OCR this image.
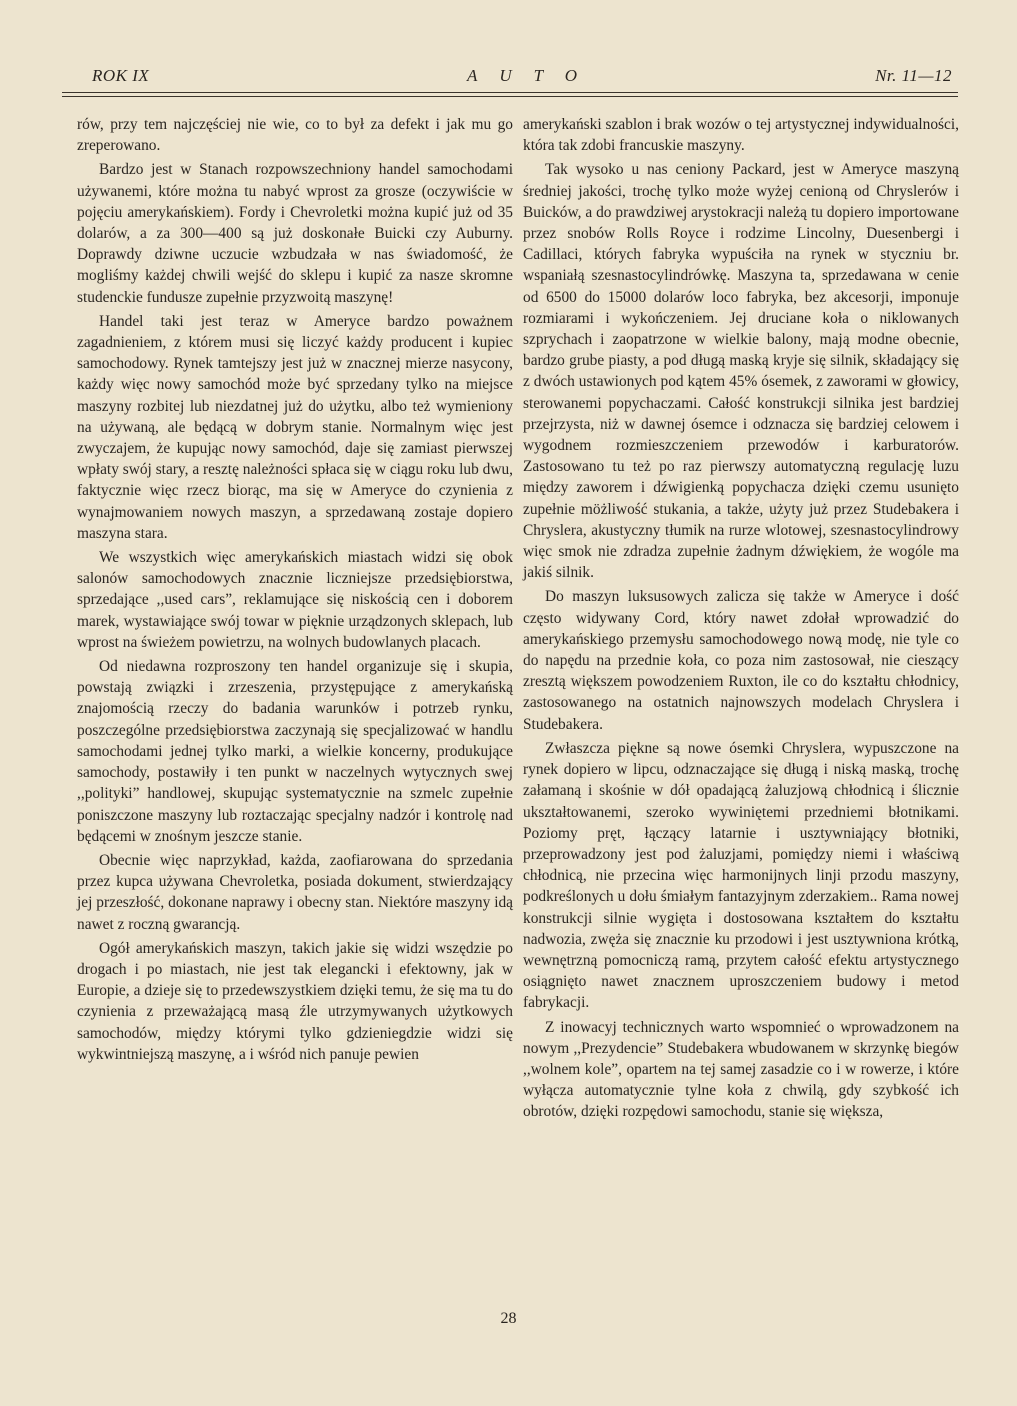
ROK IX	AUTO	Nr. 11—12

rów, przy tem najczęściej nie wie, co to był za defekt i jak mu go zreperowano.

Bardzo jest w Stanach rozpowszechniony handel samochodami używanemi, które można tu nabyć wprost za grosze (oczywiście w pojęciu amerykańskiem). Fordy i Chevroletki można kupić już od 35 dolarów, a za 300—400 są już doskonałe Buicki czy Auburny. Doprawdy dziwne uczucie wzbudzała w nas świadomość, że mogliśmy każdej chwili wejść do sklepu i kupić za nasze skromne studenckie fundusze zupełnie przyzwoitą maszynę!

Handel taki jest teraz w Ameryce bardzo poważnem zagadnieniem, z którem musi się liczyć każdy producent i kupiec samochodowy. Rynek tamtejszy jest już w znacznej mierze nasycony, każdy więc nowy samochód może być sprzedany tylko na miejsce maszyny rozbitej lub niezdatnej już do użytku, albo też wymieniony na używaną, ale będącą w dobrym stanie. Normalnym więc jest zwyczajem, że kupując nowy samochód, daje się zamiast pierwszej wpłaty swój stary, a resztę należności spłaca się w ciągu roku lub dwu, faktycznie więc rzecz biorąc, ma się w Ameryce do czynienia z wynajmowaniem nowych maszyn, a sprzedawaną zostaje dopiero maszyna stara.

We wszystkich więc amerykańskich miastach widzi się obok salonów samochodowych znacznie liczniejsze przedsiębiorstwa, sprzedające ,,used cars”, reklamujące się niskością cen i doborem marek, wystawiające swój towar w pięknie urządzonych sklepach, lub wprost na świeżem powietrzu, na wolnych budowlanych placach.

Od niedawna rozproszony ten handel organizuje się i skupia, powstają związki i zrzeszenia, przystępujące z amerykańską znajomością rzeczy do badania warunków i potrzeb rynku, poszczególne przedsiębiorstwa zaczynają się specjalizować w handlu samochodami jednej tylko marki, a wielkie koncerny, produkujące samochody, postawiły i ten punkt w naczelnych wytycznych swej ,,polityki” handlowej, skupując systematycznie na szmelc zupełnie poniszczone maszyny lub roztaczając specjalny nadzór i kontrolę nad będącemi w znośnym jeszcze stanie.

Obecnie więc naprzykład, każda, zaofiarowana do sprzedania przez kupca używana Chevroletka, posiada dokument, stwierdzający jej przeszłość, dokonane naprawy i obecny stan. Niektóre maszyny idą nawet z roczną gwarancją.

Ogół amerykańskich maszyn, takich jakie się widzi wszędzie po drogach i po miastach, nie jest tak elegancki i efektowny, jak w Europie, a dzieje się to przedewszystkiem dzięki temu, że się ma tu do czynienia z przeważającą masą źle utrzymywanych użytkowych samochodów, między którymi tylko gdzieniegdzie widzi się wykwintniejszą maszynę, a i wśród nich panuje pewien

amerykański szablon i brak wozów o tej artystycznej indywidualności, która tak zdobi francuskie maszyny.

Tak wysoko u nas ceniony Packard, jest w Ameryce maszyną średniej jakości, trochę tylko może wyżej cenioną od Chryslerów i Buicków, a do prawdziwej arystokracji należą tu dopiero importowane przez snobów Rolls Royce i rodzime Lincolny, Duesenbergi i Cadillaci, których fabryka wypuściła na rynek w styczniu br. wspaniałą szesnastocylindrówkę. Maszyna ta, sprzedawana w cenie od 6500 do 15000 dolarów loco fabryka, bez akcesorji, imponuje rozmiarami i wykończeniem. Jej druciane koła o niklowanych szprychach i zaopatrzone w wielkie balony, mają modne obecnie, bardzo grube piasty, a pod długą maską kryje się silnik, składający się z dwóch ustawionych pod kątem 45% ósemek, z zaworami w głowicy, sterowanemi popychaczami. Całość konstrukcji silnika jest bardziej przejrzysta, niż w dawnej ósemce i odznacza się bardziej celowem i wygodnem rozmieszczeniem przewodów i karburatorów. Zastosowano tu też po raz pierwszy automatyczną regulację luzu między zaworem i dźwigienką popychacza dzięki czemu usunięto zupełnie möżliwość stukania, a także, użyty już przez Studebakera i Chryslera, akustyczny tłumik na rurze wlotowej, szesnastocylindrowy więc smok nie zdradza zupełnie żadnym dźwiękiem, że wogóle ma jakiś silnik.

Do maszyn luksusowych zalicza się także w Ameryce i dość często widywany Cord, który nawet zdołał wprowadzić do amerykańskiego przemysłu samochodowego nową modę, nie tyle co do napędu na przednie koła, co poza nim zastosował, nie cieszący zresztą większem powodzeniem Ruxton, ile co do kształtu chłodnicy, zastosowanego na ostatnich najnowszych modelach Chryslera i Studebakera.

Zwłaszcza piękne są nowe ósemki Chryslera, wypuszczone na rynek dopiero w lipcu, odznaczające się długą i niską maską, trochę załamaną i skośnie w dół opadającą żaluzjową chłodnicą i ślicznie ukształtowanemi, szeroko wywiniętemi przedniemi błotnikami. Poziomy pręt, łączący latarnie i usztywniający błotniki, przeprowadzony jest pod żaluzjami, pomiędzy niemi i właściwą chłodnicą, nie przecina więc harmonijnych linji przodu maszyny, podkreślonych u dołu śmiałym fantazyjnym zderzakiem.. Rama nowej konstrukcji silnie wygięta i dostosowana kształtem do kształtu nadwozia, zwęża się znacznie ku przodowi i jest usztywniona krótką, wewnętrzną pomocniczą ramą, przytem całość efektu artystycznego osiągnięto nawet znacznem uproszczeniem budowy i metod fabrykacji.

Z inowacyj technicznych warto wspomnieć o wprowadzonem na nowym ,,Prezydencie” Studebakera wbudowanem w skrzynkę biegów ,,wolnem kole”, opartem na tej samej zasadzie co i w rowerze, i które wyłącza automatycznie tylne koła z chwilą, gdy szybkość ich obrotów, dzięki rozpędowi samochodu, stanie się większa,

28
